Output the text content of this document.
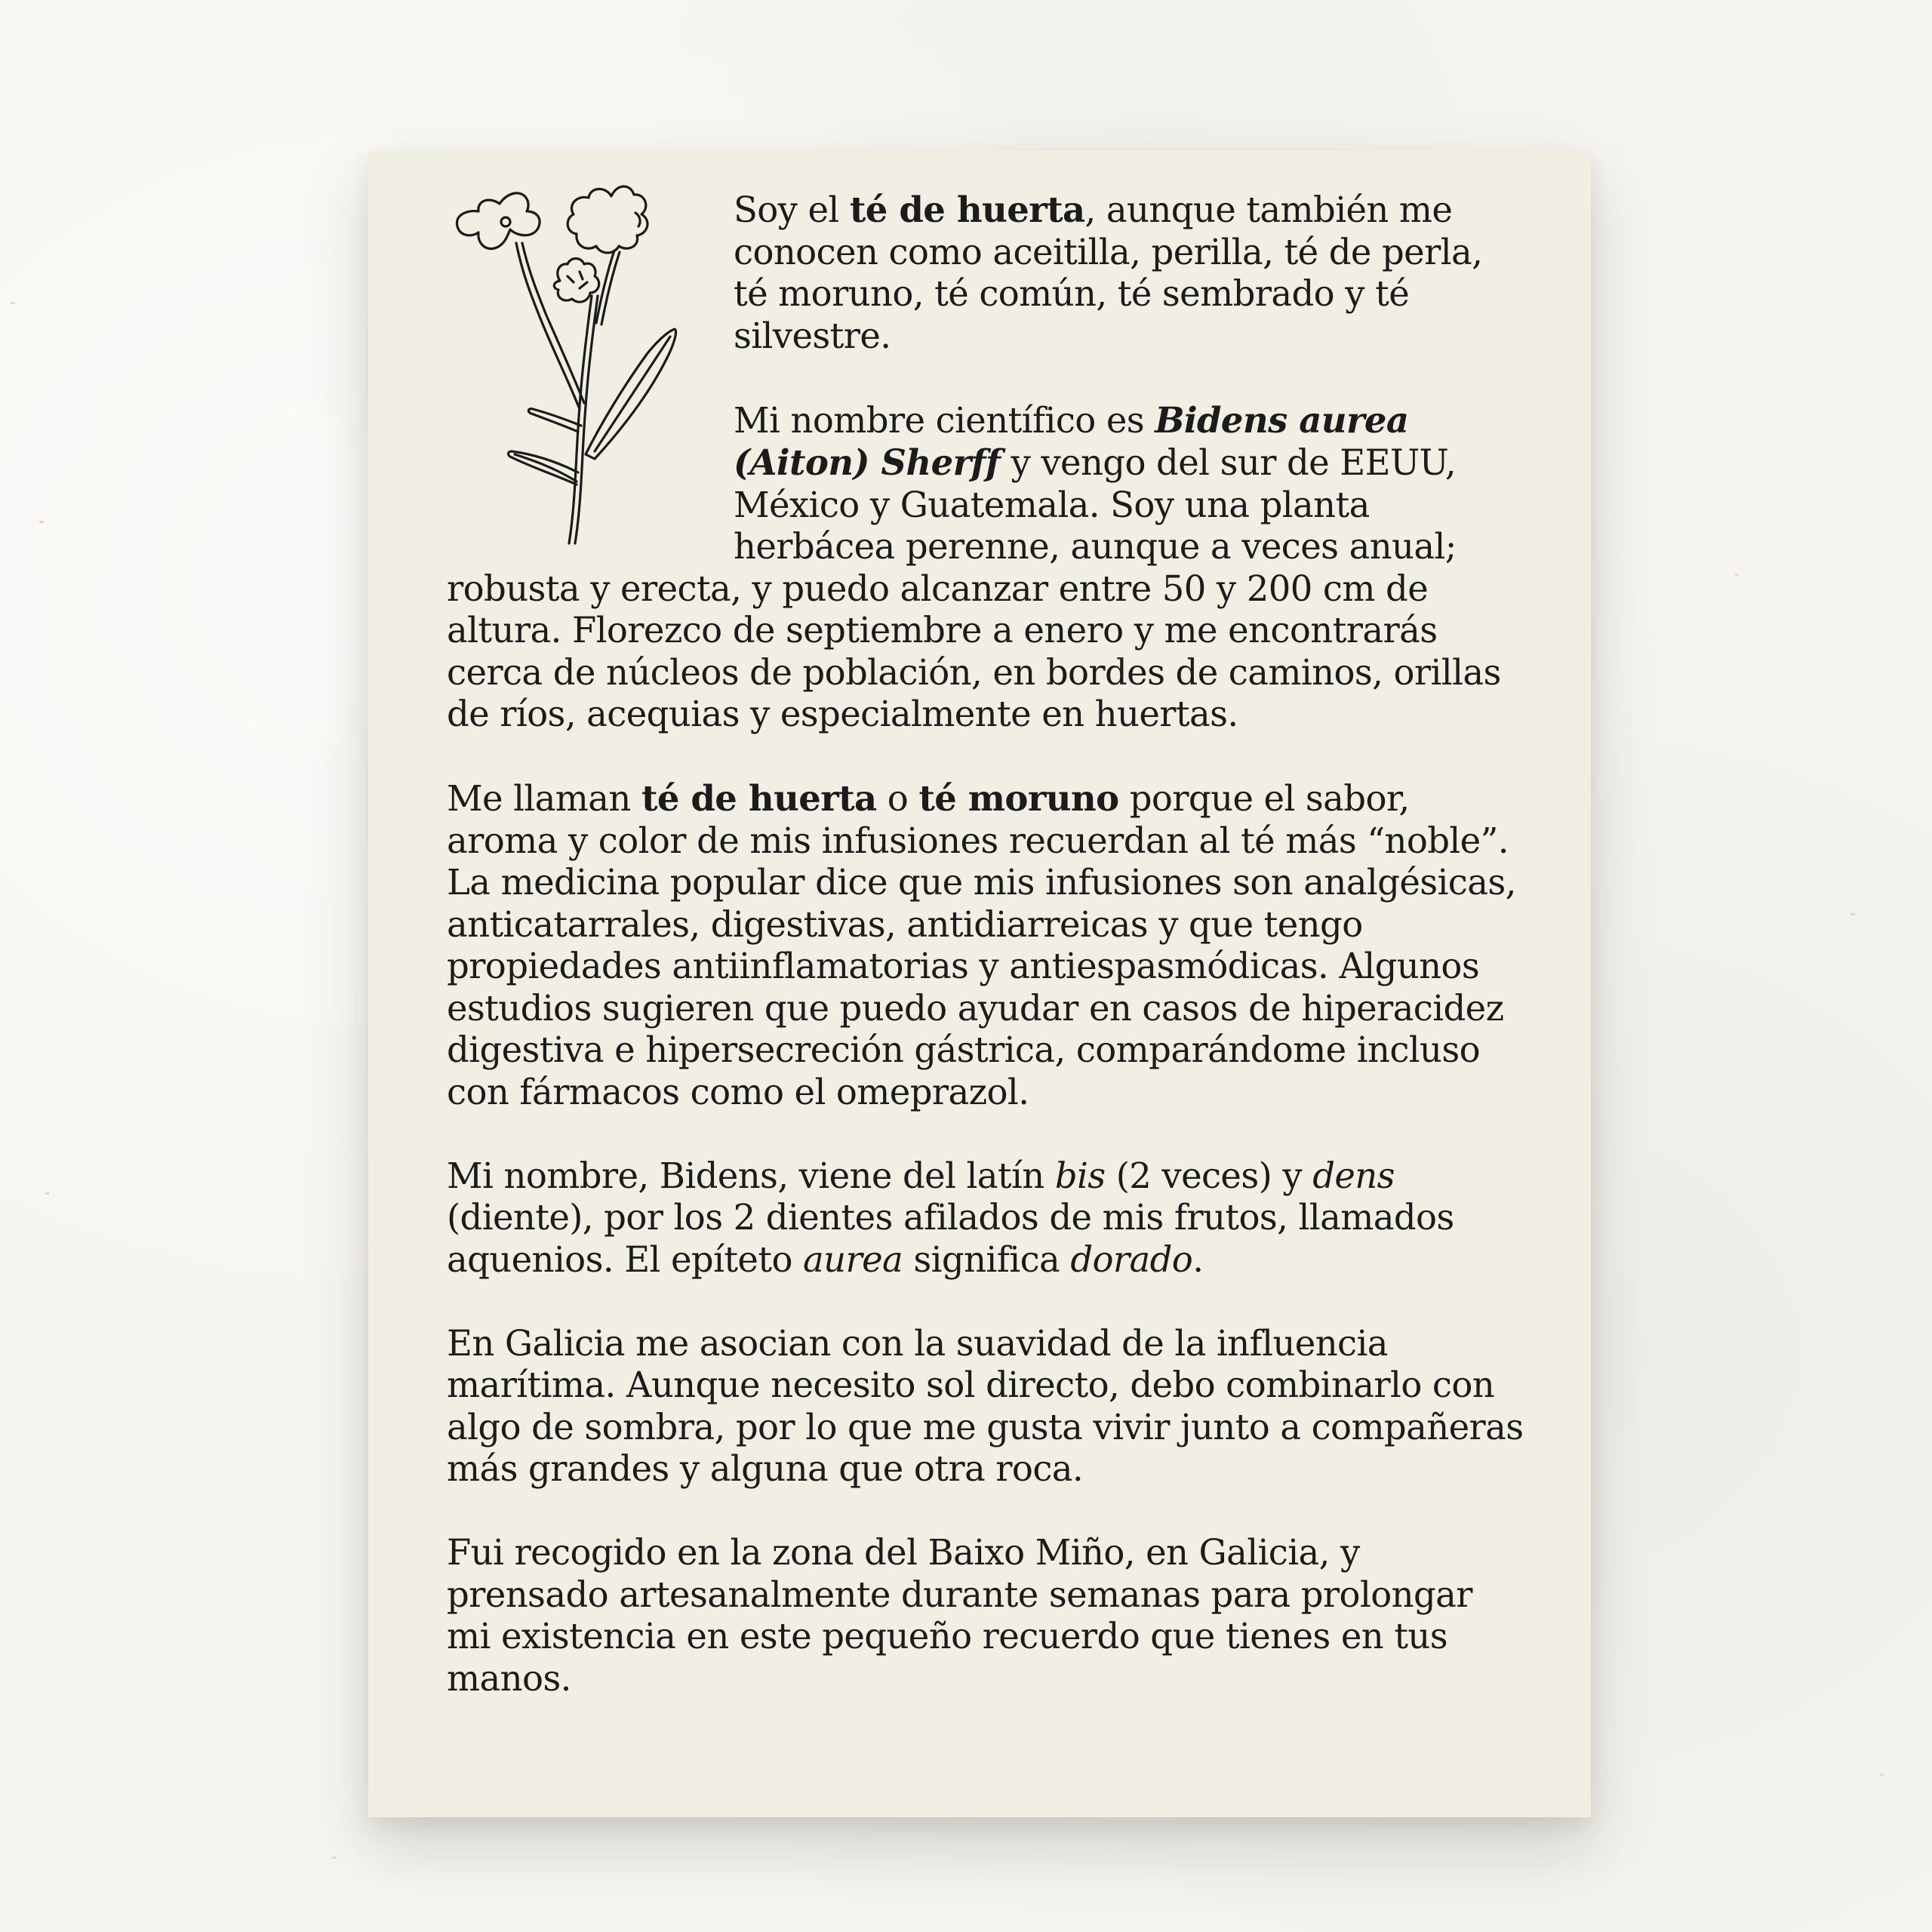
Soy el té de huerta, aunque también me conocen como aceitilla, perilla, té de perla, té moruno, té común, té sembrado y té silvestre.

Mi nombre científico es Bidens aurea (Aiton) Sherff y vengo del sur de EEUU, México y Guatemala. Soy una planta herbácea perenne, aunque a veces anual; robusta y erecta, y puedo alcanzar entre 50 y 200 cm de altura. Florezco de septiembre a enero y me encontrarás cerca de núcleos de población, en bordes de caminos, orillas de ríos, acequias y especialmente en huertas.

Me llaman té de huerta o té moruno porque el sabor, aroma y color de mis infusiones recuerdan al té más “noble”. La medicina popular dice que mis infusiones son analgésicas, anticatarrales, digestivas, antidiarreicas y que tengo propiedades antiinflamatorias y antiespasmódicas. Algunos estudios sugieren que puedo ayudar en casos de hiperacidez digestiva e hipersecreción gástrica, comparándome incluso con fármacos como el omeprazol.

Mi nombre, Bidens, viene del latín bis (2 veces) y dens (diente), por los 2 dientes afilados de mis frutos, llamados aquenios. El epíteto aurea significa dorado.

En Galicia me asocian con la suavidad de la influencia marítima. Aunque necesito sol directo, debo combinarlo con algo de sombra, por lo que me gusta vivir junto a compañeras más grandes y alguna que otra roca.

Fui recogido en la zona del Baixo Miño, en Galicia, y prensado artesanalmente durante semanas para prolongar mi existencia en este pequeño recuerdo que tienes en tus manos.
